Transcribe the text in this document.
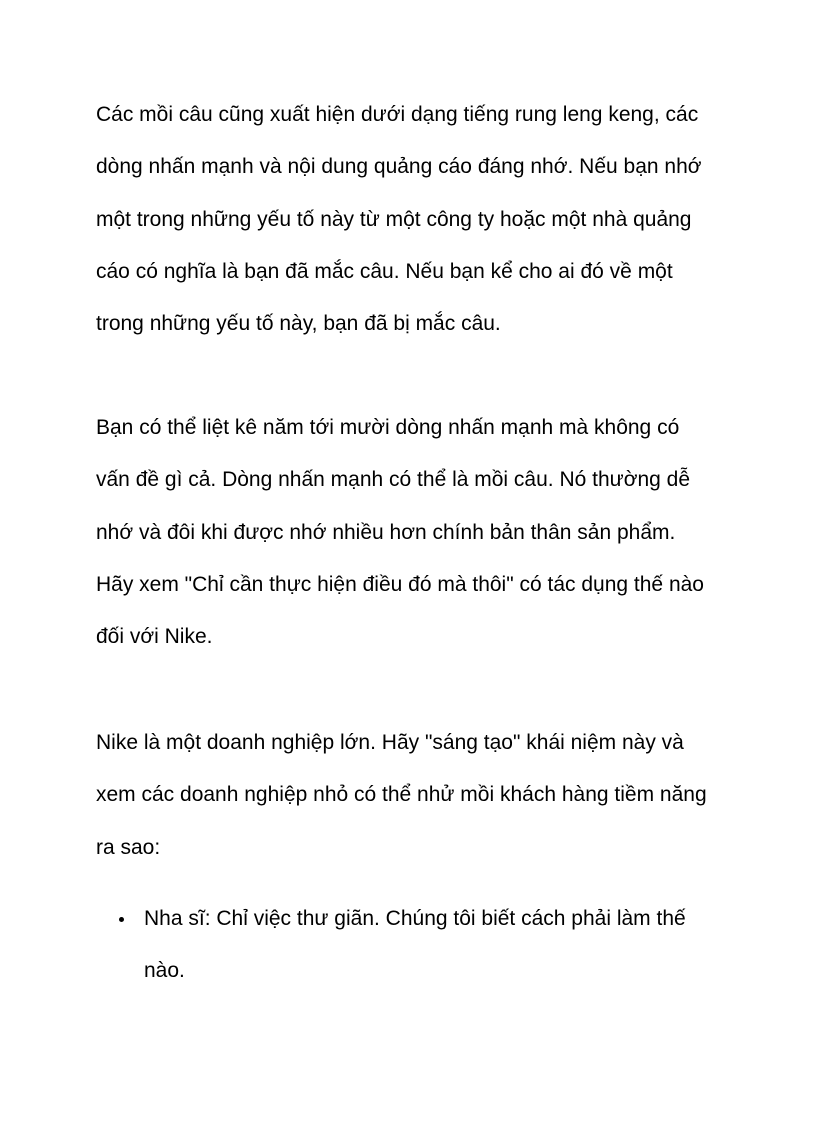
Các mồi câu cũng xuất hiện dưới dạng tiếng rung leng keng, các
dòng nhấn mạnh và nội dung quảng cáo đáng nhớ. Nếu bạn nhớ
một trong những yếu tố này từ một công ty hoặc một nhà quảng
cáo có nghĩa là bạn đã mắc câu. Nếu bạn kể cho ai đó về một
trong những yếu tố này, bạn đã bị mắc câu.

Bạn có thể liệt kê năm tới mười dòng nhấn mạnh mà không có
vấn đề gì cả. Dòng nhấn mạnh có thể là mồi câu. Nó thường dễ
nhớ và đôi khi được nhớ nhiều hơn chính bản thân sản phẩm.
Hãy xem "Chỉ cần thực hiện điều đó mà thôi" có tác dụng thế nào
đối với Nike.

Nike là một doanh nghiệp lớn. Hãy "sáng tạo" khái niệm này và
xem các doanh nghiệp nhỏ có thể nhử mồi khách hàng tiềm năng
ra sao:

Nha sĩ: Chỉ việc thư giãn. Chúng tôi biết cách phải làm thế
nào.
